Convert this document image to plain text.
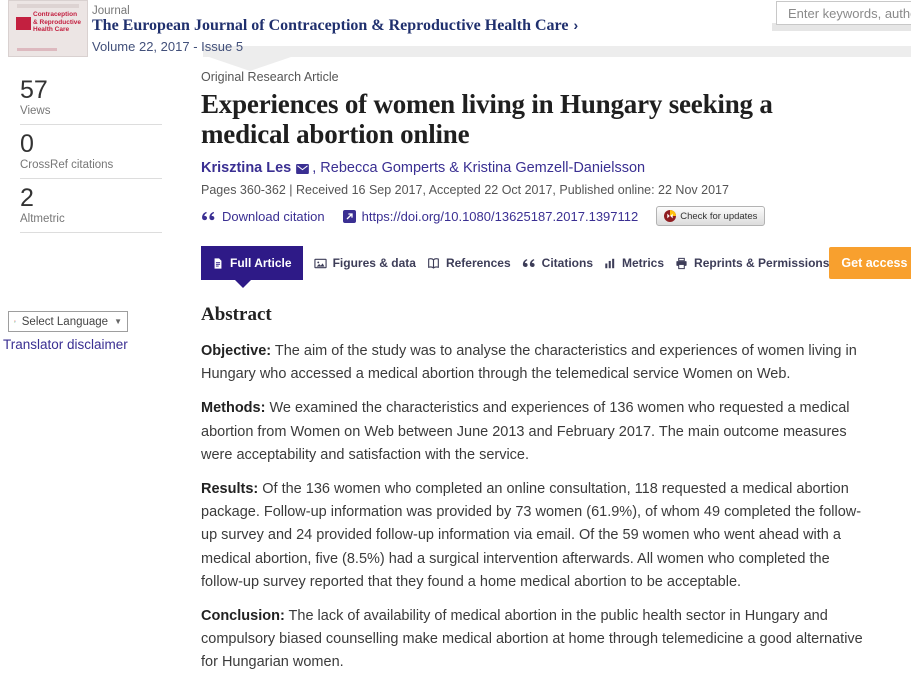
Contraception & Reproductive Health Care
Journal
The European Journal of Contraception & Reproductive Health Care ›
Volume 22, 2017 - Issue 5
Enter keywords, authors, D
57
Views
0
CrossRef citations
2
Altmetric
Select Language ▼
Translator disclaimer
Original Research Article
Experiences of women living in Hungary seeking a medical abortion online
Krisztina Les , Rebecca Gomperts & Kristina Gemzell-Danielsson
Pages 360-362 | Received 16 Sep 2017, Accepted 22 Oct 2017, Published online: 22 Nov 2017
Download citation	https://doi.org/10.1080/13625187.2017.1397112	Check for updates
Full Article	Figures & data	References	Citations Metrics	Reprints & Permissions Get access
Abstract

Objective: The aim of the study was to analyse the characteristics and experiences of women living in Hungary who accessed a medical abortion through the telemedical service Women on Web.

Methods: We examined the characteristics and experiences of 136 women who requested a medical abortion from Women on Web between June 2013 and February 2017. The main outcome measures were acceptability and satisfaction with the service.

Results: Of the 136 women who completed an online consultation, 118 requested a medical abortion package. Follow-up information was provided by 73 women (61.9%), of whom 49 completed the follow-up survey and 24 provided follow-up information via email. Of the 59 women who went ahead with a medical abortion, five (8.5%) had a surgical intervention afterwards. All women who completed the follow-up survey reported that they found a home medical abortion to be acceptable.

Conclusion: The lack of availability of medical abortion in the public health sector in Hungary and compulsory biased counselling make medical abortion at home through telemedicine a good alternative for Hungarian women.
